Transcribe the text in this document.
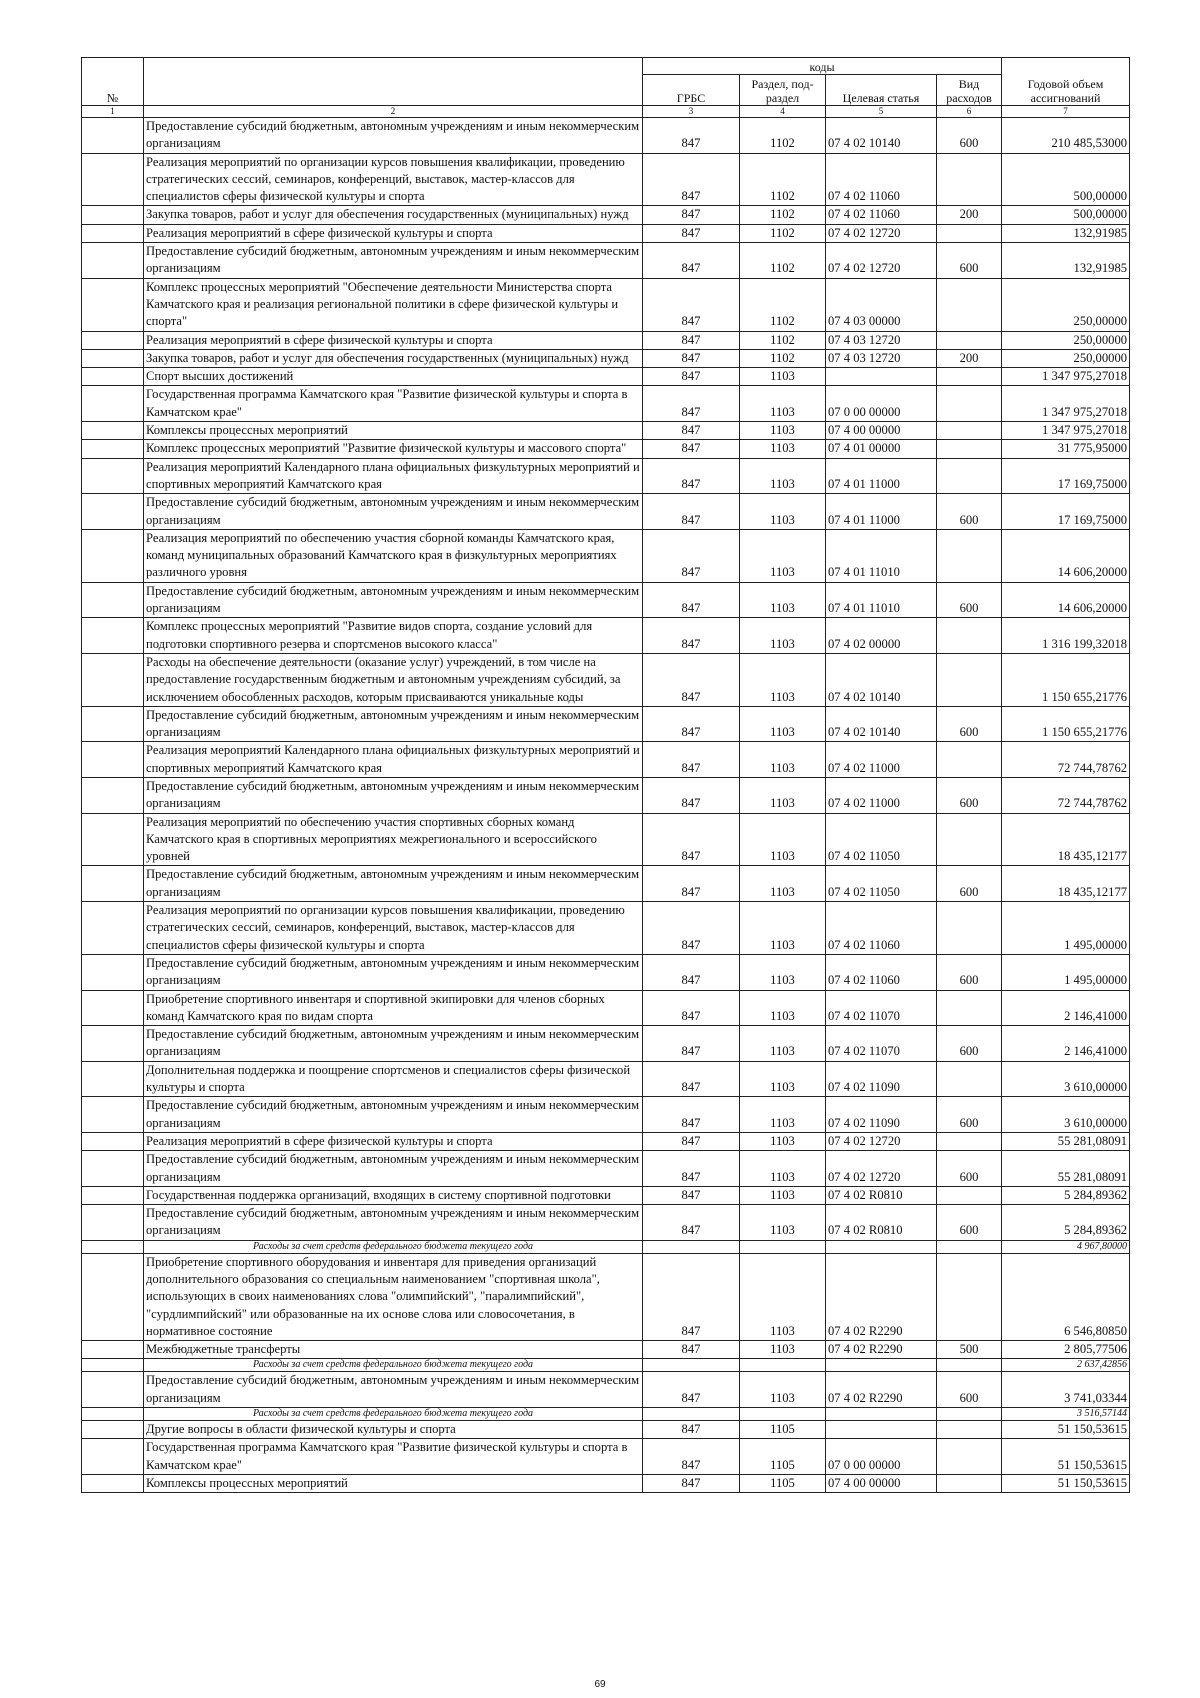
№		коды				Годовой объем ассигнований
		ГРБС	Раздел, под-раздел	Целевая статья	Вид расходов	
1	2	3	4	5	6	7
	Предоставление субсидий бюджетным, автономным учреждениям и иным некоммерческим организациям	847	1102	07 4 02 10140	600	210 485,53000
	Реализация мероприятий по организации курсов повышения квалификации, проведению стратегических сессий, семинаров, конференций, выставок, мастер-классов для специалистов сферы физической культуры и спорта	847	1102	07 4 02 11060		500,00000
	Закупка товаров, работ и услуг для обеспечения государственных (муниципальных) нужд	847	1102	07 4 02 11060	200	500,00000
	Реализация мероприятий в сфере физической культуры и спорта	847	1102	07 4 02 12720		132,91985
	Предоставление субсидий бюджетным, автономным учреждениям и иным некоммерческим организациям	847	1102	07 4 02 12720	600	132,91985
	Комплекс процессных мероприятий "Обеспечение деятельности Министерства спорта Камчатского края и реализация региональной политики в сфере физической культуры и спорта"	847	1102	07 4 03 00000		250,00000
	Реализация мероприятий в сфере физической культуры и спорта	847	1102	07 4 03 12720		250,00000
	Закупка товаров, работ и услуг для обеспечения государственных (муниципальных) нужд	847	1102	07 4 03 12720	200	250,00000
	Спорт высших достижений	847	1103			1 347 975,27018
	Государственная программа Камчатского края "Развитие физической культуры и спорта в Камчатском крае"	847	1103	07 0 00 00000		1 347 975,27018
	Комплексы процессных мероприятий	847	1103	07 4 00 00000		1 347 975,27018
	Комплекс процессных мероприятий "Развитие физической культуры и массового спорта"	847	1103	07 4 01 00000		31 775,95000
	Реализация мероприятий Календарного плана официальных физкультурных мероприятий и спортивных мероприятий Камчатского края	847	1103	07 4 01 11000		17 169,75000
	Предоставление субсидий бюджетным, автономным учреждениям и иным некоммерческим организациям	847	1103	07 4 01 11000	600	17 169,75000
	Реализация мероприятий по обеспечению участия сборной команды Камчатского края, команд муниципальных образований Камчатского края в физкультурных мероприятиях различного уровня	847	1103	07 4 01 11010		14 606,20000
	Предоставление субсидий бюджетным, автономным учреждениям и иным некоммерческим организациям	847	1103	07 4 01 11010	600	14 606,20000
	Комплекс процессных мероприятий "Развитие видов спорта, создание условий для подготовки спортивного резерва и спортсменов высокого класса"	847	1103	07 4 02 00000		1 316 199,32018
	Расходы на обеспечение деятельности (оказание услуг) учреждений, в том числе на предоставление государственным бюджетным и автономным учреждениям субсидий, за исключением обособленных расходов, которым присваиваются уникальные коды	847	1103	07 4 02 10140		1 150 655,21776
	Предоставление субсидий бюджетным, автономным учреждениям и иным некоммерческим организациям	847	1103	07 4 02 10140	600	1 150 655,21776
	Реализация мероприятий Календарного плана официальных физкультурных мероприятий и спортивных мероприятий Камчатского края	847	1103	07 4 02 11000		72 744,78762
	Предоставление субсидий бюджетным, автономным учреждениям и иным некоммерческим организациям	847	1103	07 4 02 11000	600	72 744,78762
	Реализация мероприятий по обеспечению участия спортивных сборных команд Камчатского края в спортивных мероприятиях межрегионального и всероссийского уровней	847	1103	07 4 02 11050		18 435,12177
	Предоставление субсидий бюджетным, автономным учреждениям и иным некоммерческим организациям	847	1103	07 4 02 11050	600	18 435,12177
	Реализация мероприятий по организации курсов повышения квалификации, проведению стратегических сессий, семинаров, конференций, выставок, мастер-классов для специалистов сферы физической культуры и спорта	847	1103	07 4 02 11060		1 495,00000
	Предоставление субсидий бюджетным, автономным учреждениям и иным некоммерческим организациям	847	1103	07 4 02 11060	600	1 495,00000
	Приобретение спортивного инвентаря и спортивной экипировки для членов сборных команд Камчатского края по видам спорта	847	1103	07 4 02 11070		2 146,41000
	Предоставление субсидий бюджетным, автономным учреждениям и иным некоммерческим организациям	847	1103	07 4 02 11070	600	2 146,41000
	Дополнительная поддержка и поощрение спортсменов и специалистов сферы физической культуры и спорта	847	1103	07 4 02 11090		3 610,00000
	Предоставление субсидий бюджетным, автономным учреждениям и иным некоммерческим организациям	847	1103	07 4 02 11090	600	3 610,00000
	Реализация мероприятий в сфере физической культуры и спорта	847	1103	07 4 02 12720		55 281,08091
	Предоставление субсидий бюджетным, автономным учреждениям и иным некоммерческим организациям	847	1103	07 4 02 12720	600	55 281,08091
	Государственная поддержка организаций, входящих в систему спортивной подготовки	847	1103	07 4 02 R0810		5 284,89362
	Предоставление субсидий бюджетным, автономным учреждениям и иным некоммерческим организациям	847	1103	07 4 02 R0810	600	5 284,89362
	Расходы за счет средств федерального бюджета текущего года					4 967,80000
	Приобретение спортивного оборудования и инвентаря для приведения организаций дополнительного образования со специальным наименованием "спортивная школа", использующих в своих наименованиях слова "олимпийский", "паралимпийский", "сурдлимпийский" или образованные на их основе слова или словосочетания, в нормативное состояние	847	1103	07 4 02 R2290		6 546,80850
	Межбюджетные трансферты	847	1103	07 4 02 R2290	500	2 805,77506
	Расходы за счет средств федерального бюджета текущего года					2 637,42856
	Предоставление субсидий бюджетным, автономным учреждениям и иным некоммерческим организациям	847	1103	07 4 02 R2290	600	3 741,03344
	Расходы за счет средств федерального бюджета текущего года					3 516,57144
	Другие вопросы в области физической культуры и спорта	847	1105			51 150,53615
	Государственная программа Камчатского края "Развитие физической культуры и спорта в Камчатском крае"	847	1105	07 0 00 00000		51 150,53615
	Комплексы процессных мероприятий	847	1105	07 4 00 00000		51 150,53615
69
